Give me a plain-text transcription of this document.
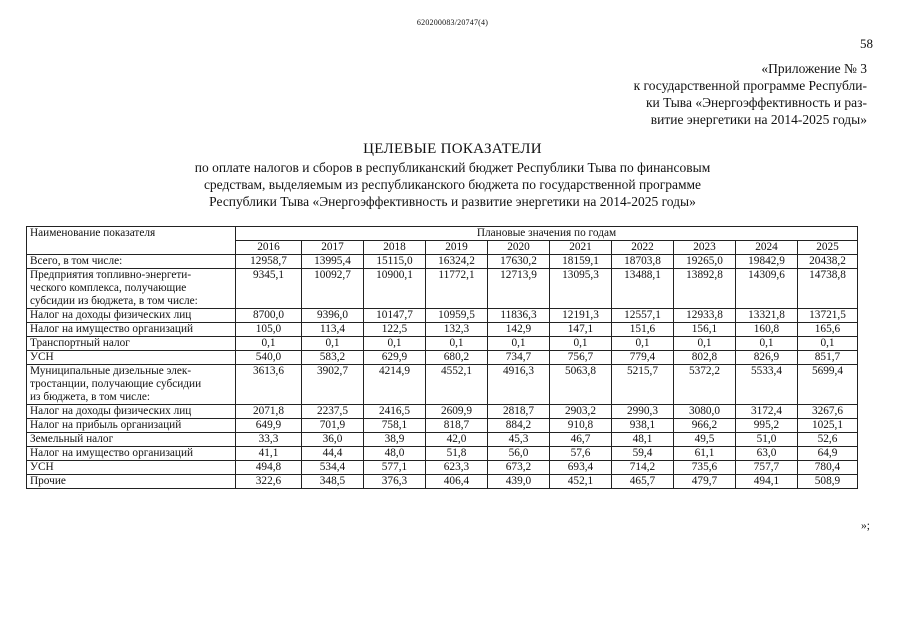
620200083/20747(4)
58
«Приложение № 3
к государственной программе Республи-
ки Тыва «Энергоэффективность и раз-
витие энергетики на 2014-2025 годы»
ЦЕЛЕВЫЕ ПОКАЗАТЕЛИ
по оплате налогов и сборов в республиканский бюджет Республики Тыва по финансовым
средствам, выделяемым из республиканского бюджета по государственной программе
Республики Тыва «Энергоэффективность и развитие энергетики на 2014-2025 годы»
Наименование показателя	Плановые значения по годам									
	2016	2017	2018	2019	2020	2021	2022	2023	2024	2025

Всего, в том числе:	12958,7	13995,4	15115,0	16324,2	17630,2	18159,1	18703,8	19265,0	19842,9	20438,2

Предприятия топливно-энергети-
ческого комплекса, получающие
субсидии из бюджета, в том числе:	9345,1	10092,7	10900,1	11772,1	12713,9	13095,3	13488,1	13892,8	14309,6	14738,8

Налог на доходы физических лиц	8700,0	9396,0	10147,7	10959,5	11836,3	12191,3	12557,1	12933,8	13321,8	13721,5

Налог на имущество организаций	105,0	113,4	122,5	132,3	142,9	147,1	151,6	156,1	160,8	165,6

Транспортный налог	0,1	0,1	0,1	0,1	0,1	0,1	0,1	0,1	0,1	0,1

УСН	540,0	583,2	629,9	680,2	734,7	756,7	779,4	802,8	826,9	851,7

Муниципальные дизельные элек-
тростанции, получающие субсидии
из бюджета, в том числе:	3613,6	3902,7	4214,9	4552,1	4916,3	5063,8	5215,7	5372,2	5533,4	5699,4

Налог на доходы физических лиц	2071,8	2237,5	2416,5	2609,9	2818,7	2903,2	2990,3	3080,0	3172,4	3267,6

Налог на прибыль организаций	649,9	701,9	758,1	818,7	884,2	910,8	938,1	966,2	995,2	1025,1

Земельный налог	33,3	36,0	38,9	42,0	45,3	46,7	48,1	49,5	51,0	52,6

Налог на имущество организаций	41,1	44,4	48,0	51,8	56,0	57,6	59,4	61,1	63,0	64,9

УСН	494,8	534,4	577,1	623,3	673,2	693,4	714,2	735,6	757,7	780,4

Прочие	322,6	348,5	376,3	406,4	439,0	452,1	465,7	479,7	494,1	508,9
»;
